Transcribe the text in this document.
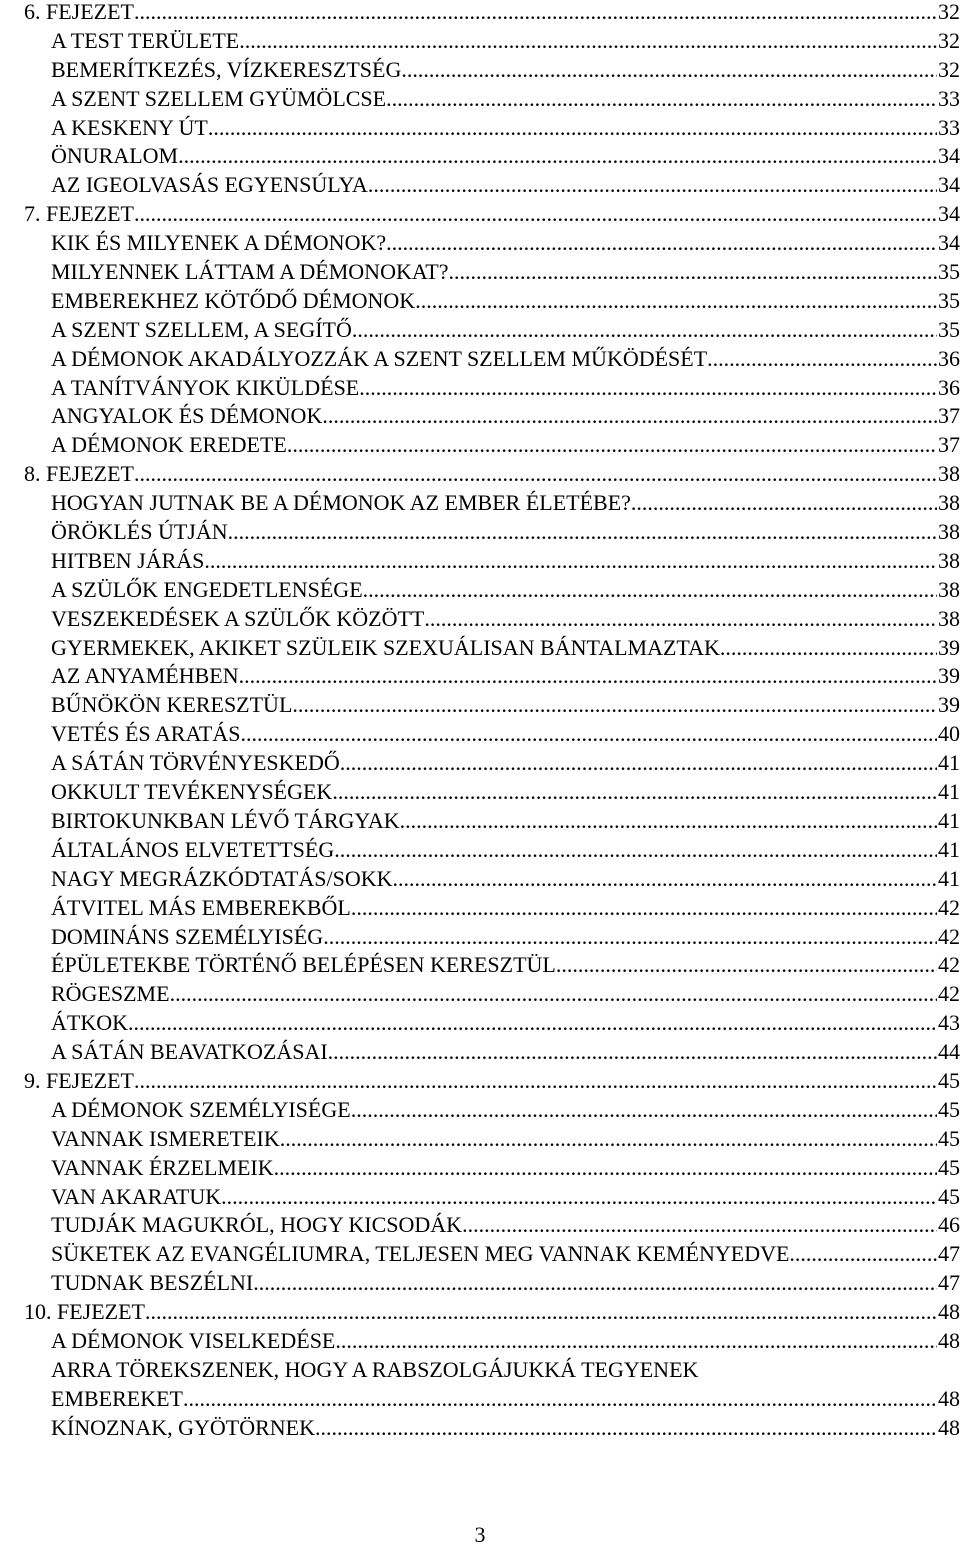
6. FEJEZET .....	32
A TEST TERÜLETE .....	32
BEMERÍTKEZÉS, VÍZKERESZTSÉG .....	32
A SZENT SZELLEM GYÜMÖLCSE .....	33
A KESKENY ÚT .....	33
ÖNURALOM .....	34
AZ IGEOLVASÁS EGYENSÚLYA .....	34
7. FEJEZET .....	34
KIK ÉS MILYENEK A DÉMONOK? .....	34
MILYENNEK LÁTTAM A DÉMONOKAT? .....	35
EMBEREKHEZ KÖTŐDŐ DÉMONOK .....	35
A SZENT SZELLEM, A SEGÍTŐ .....	35
A DÉMONOK AKADÁLYOZZÁK A SZENT SZELLEM MŰKÖDÉSÉT .....	36
A TANÍTVÁNYOK KIKÜLDÉSE .....	36
ANGYALOK ÉS DÉMONOK .....	37
A DÉMONOK EREDETE .....	37
8. FEJEZET .....	38
HOGYAN JUTNAK BE A DÉMONOK AZ EMBER ÉLETÉBE? .....	38
ÖRÖKLÉS ÚTJÁN .....	38
HITBEN JÁRÁS .....	38
A SZÜLŐK ENGEDETLENSÉGE .....	38
VESZEKEDÉSEK A SZÜLŐK KÖZÖTT .....	38
GYERMEKEK, AKIKET SZÜLEIK SZEXUÁLISAN BÁNTALMAZTAK .....	39
AZ ANYAMÉHBEN .....	39
BŰNÖKÖN KERESZTÜL .....	39
VETÉS ÉS ARATÁS .....	40
A SÁTÁN TÖRVÉNYESKEDŐ .....	41
OKKULT TEVÉKENYSÉGEK .....	41
BIRTOKUNKBAN LÉVŐ TÁRGYAK .....	41
ÁLTALÁNOS ELVETETTSÉG .....	41
NAGY MEGRÁZKÓDTATÁS/SOKK .....	41
ÁTVITEL MÁS EMBEREKBŐL .....	42
DOMINÁNS SZEMÉLYISÉG .....	42
ÉPÜLETEKBE TÖRTÉNŐ BELÉPÉSEN KERESZTÜL .....	42
RÖGESZME .....	42
ÁTKOK .....	43
A SÁTÁN BEAVATKOZÁSAI .....	44
9. FEJEZET .....	45
A DÉMONOK SZEMÉLYISÉGE .....	45
VANNAK ISMERETEIK .....	45
VANNAK ÉRZELMEIK .....	45
VAN AKARATUK .....	45
TUDJÁK MAGUKRÓL, HOGY KICSODÁK .....	46
SÜKETEK AZ EVANGÉLIUMRA, TELJESEN MEG VANNAK KEMÉNYEDVE .....	47
TUDNAK BESZÉLNI .....	47
10. FEJEZET .....	48
A DÉMONOK VISELKEDÉSE .....	48
ARRA TÖREKSZENEK, HOGY A RABSZOLGÁJUKKÁ TEGYENEK
EMBEREKET .....	48
KÍNOZNAK, GYÖTÖRNEK .....	48
3
